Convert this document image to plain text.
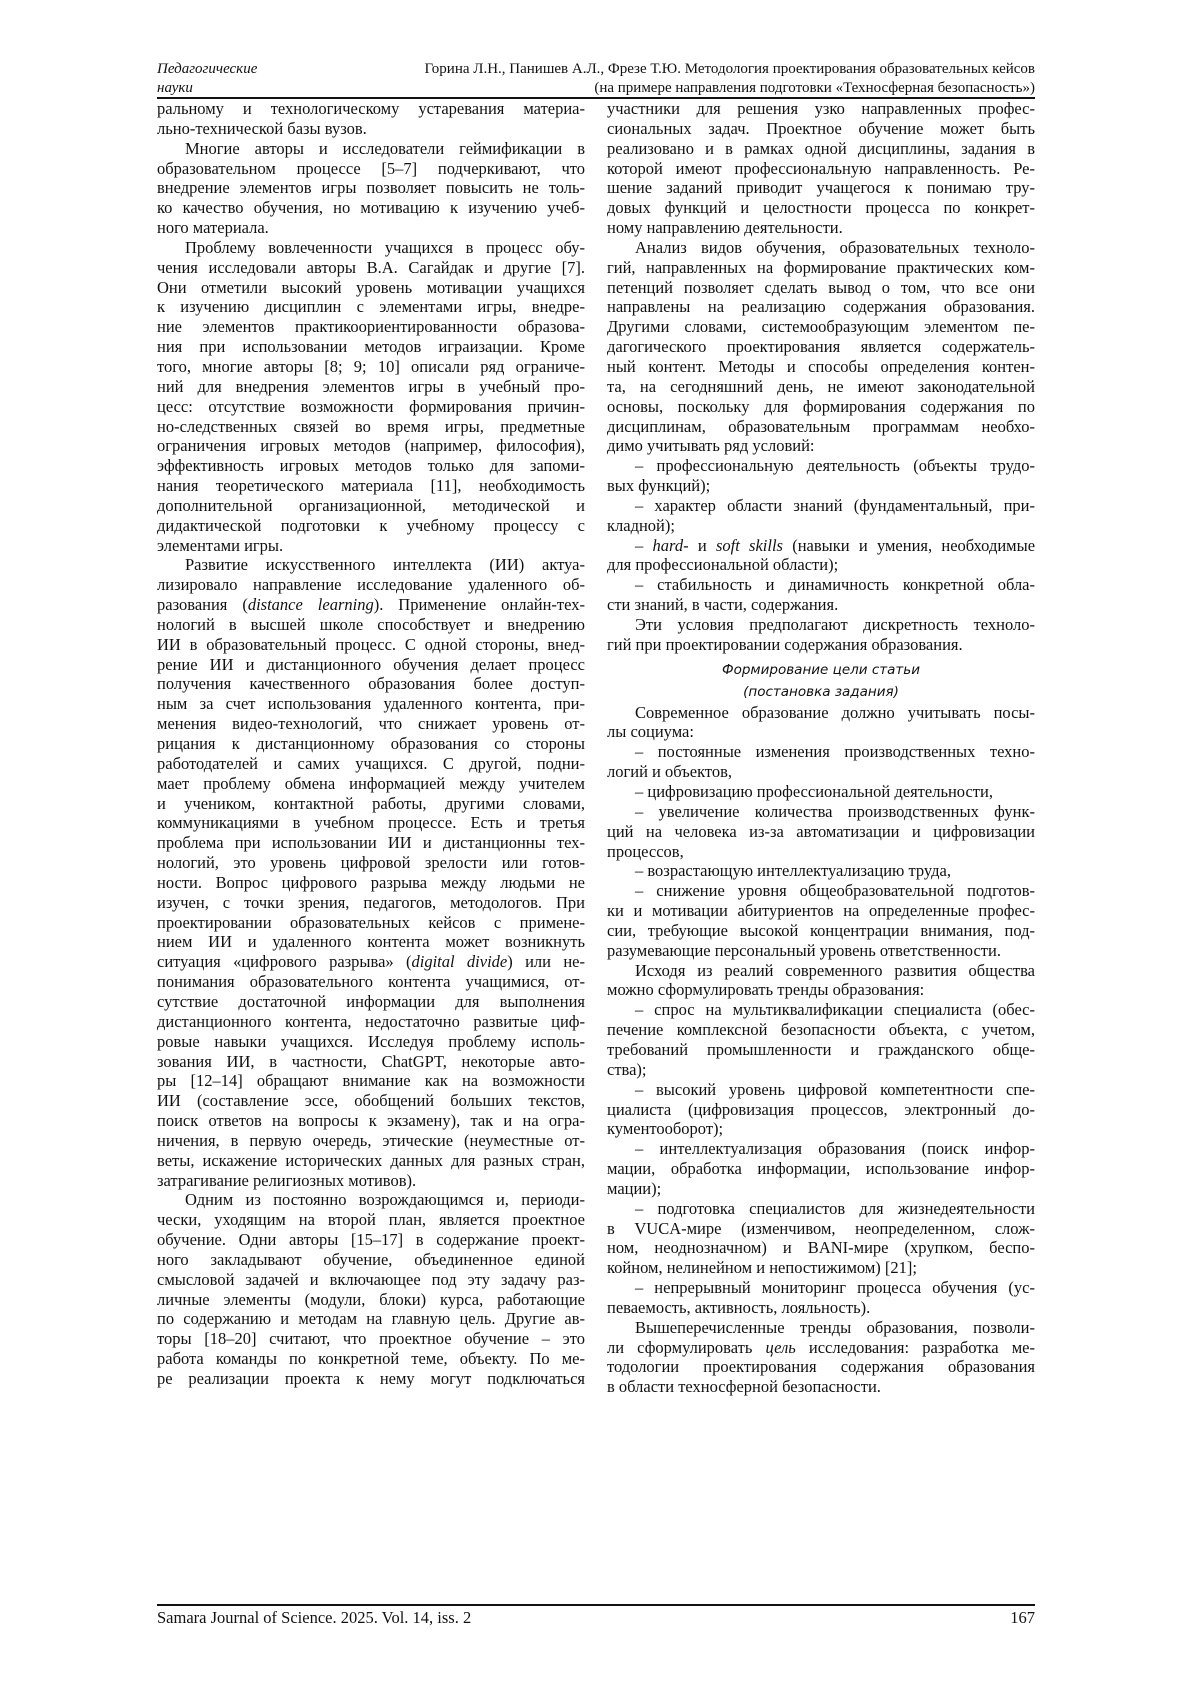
Педагогические
науки
Горина Л.Н., Панишев А.Л., Фрезе Т.Ю. Методология проектирования образовательных кейсов
(на примере направления подготовки «Техносферная безопасность»)
ральному и технологическому устаревания материа-
льно-технической базы вузов.
Многие авторы и исследователи геймификации в
образовательном процессе [5–7] подчеркивают, что
внедрение элементов игры позволяет повысить не толь-
ко качество обучения, но мотивацию к изучению учеб-
ного материала.
Проблему вовлеченности учащихся в процесс обу-
чения исследовали авторы В.А. Сагайдак и другие [7].
Они отметили высокий уровень мотивации учащихся
к изучению дисциплин с элементами игры, внедре-
ние элементов практикоориентированности образова-
ния при использовании методов игрaизации. Кроме
того, многие авторы [8; 9; 10] описали ряд ограниче-
ний для внедрения элементов игры в учебный про-
цесс: отсутствие возможности формирования причин-
но-следственных связей во время игры, предметные
ограничения игровых методов (например, философия),
эффективность игровых методов только для запоми-
нания теоретического материала [11], необходимость
дополнительной организационной, методической и
дидактической подготовки к учебному процессу с
элементами игры.
Развитие искусственного интеллекта (ИИ) актуа-
лизировало направление исследование удаленного об-
разования (distance learning). Применение онлайн-тех-
нологий в высшей школе способствует и внедрению
ИИ в образовательный процесс. С одной стороны, внед-
рение ИИ и дистанционного обучения делает процесс
получения качественного образования более доступ-
ным за счет использования удаленного контента, при-
менения видео-технологий, что снижает уровень от-
рицания к дистанционному образования со стороны
работодателей и самих учащихся. С другой, подни-
мает проблему обмена информацией между учителем
и учеником, контактной работы, другими словами,
коммуникациями в учебном процессе. Есть и третья
проблема при использовании ИИ и дистанционны тех-
нологий, это уровень цифровой зрелости или готов-
ности. Вопрос цифрового разрыва между людьми не
изучен, с точки зрения, педагогов, методологов. При
проектировании образовательных кейсов с примене-
нием ИИ и удаленного контента может возникнуть
ситуация «цифрового разрыва» (digital divide) или не-
понимания образовательного контента учащимися, от-
сутствие достаточной информации для выполнения
дистанционного контента, недостаточно развитые циф-
ровые навыки учащихся. Исследуя проблему исполь-
зования ИИ, в частности, ChatGPT, некоторые авто-
ры [12–14] обращают внимание как на возможности
ИИ (составление эссе, обобщений больших текстов,
поиск ответов на вопросы к экзамену), так и на огра-
ничения, в первую очередь, этические (неуместные от-
веты, искажение исторических данных для разных стран,
затрагивание религиозных мотивов).
Одним из постоянно возрождающимся и, периоди-
чески, уходящим на второй план, является проектное
обучение. Одни авторы [15–17] в содержание проект-
ного закладывают обучение, объединенное единой
смысловой задачей и включающее под эту задачу раз-
личные элементы (модули, блоки) курса, работающие
по содержанию и методам на главную цель. Другие ав-
торы [18–20] считают, что проектное обучение – это
работа команды по конкретной теме, объекту. По ме-
ре реализации проекта к нему могут подключаться
участники для решения узко направленных профес-
сиональных задач. Проектное обучение может быть
реализовано и в рамках одной дисциплины, задания в
которой имеют профессиональную направленность. Ре-
шение заданий приводит учащегося к понимаю тру-
довых функций и целостности процесса по конкрет-
ному направлению деятельности.
Анализ видов обучения, образовательных техноло-
гий, направленных на формирование практических ком-
петенций позволяет сделать вывод о том, что все они
направлены на реализацию содержания образования.
Другими словами, системообразующим элементом пе-
дагогического проектирования является содержатель-
ный контент. Методы и способы определения контен-
та, на сегодняшний день, не имеют законодательной
основы, поскольку для формирования содержания по
дисциплинам, образовательным программам необхо-
димо учитывать ряд условий:
– профессиональную деятельность (объекты трудо-
вых функций);
– характер области знаний (фундаментальный, при-
кладной);
– hard- и soft skills (навыки и умения, необходимые
для профессиональной области);
– стабильность и динамичность конкретной обла-
сти знаний, в части, содержания.
Эти условия предполагают дискретность техноло-
гий при проектировании содержания образования.
Формирование цели статьи
(постановка задания)
Современное образование должно учитывать посы-
лы социума:
– постоянные изменения производственных техно-
логий и объектов,
– цифровизацию профессиональной деятельности,
– увеличение количества производственных функ-
ций на человека из-за автоматизации и цифровизации
процессов,
– возрастающую интеллектуализацию труда,
– снижение уровня общеобразовательной подготов-
ки и мотивации абитуриентов на определенные профес-
сии, требующие высокой концентрации внимания, под-
разумевающие персональный уровень ответственности.
Исходя из реалий современного развития общества
можно сформулировать тренды образования:
– спрос на мультиквалификации специалиста (обес-
печение комплексной безопасности объекта, с учетом,
требований промышленности и гражданского обще-
ства);
– высокий уровень цифровой компетентности спе-
циалиста (цифровизация процессов, электронный до-
кументооборот);
– интеллектуализация образования (поиск инфор-
мации, обработка информации, использование инфор-
мации);
– подготовка специалистов для жизнедеятельности
в VUCA-мире (изменчивом, неопределенном, слож-
ном, неоднозначном) и BANI-мире (хрупком, беспо-
койном, нелинейном и непостижимом) [21];
– непрерывный мониторинг процесса обучения (ус-
певаемость, активность, лояльность).
Вышеперечисленные тренды образования, позволи-
ли сформулировать цель исследования: разработка ме-
тодологии проектирования содержания образования
в области техносферной безопасности.
Samara Journal of Science. 2025. Vol. 14, iss. 2	167
